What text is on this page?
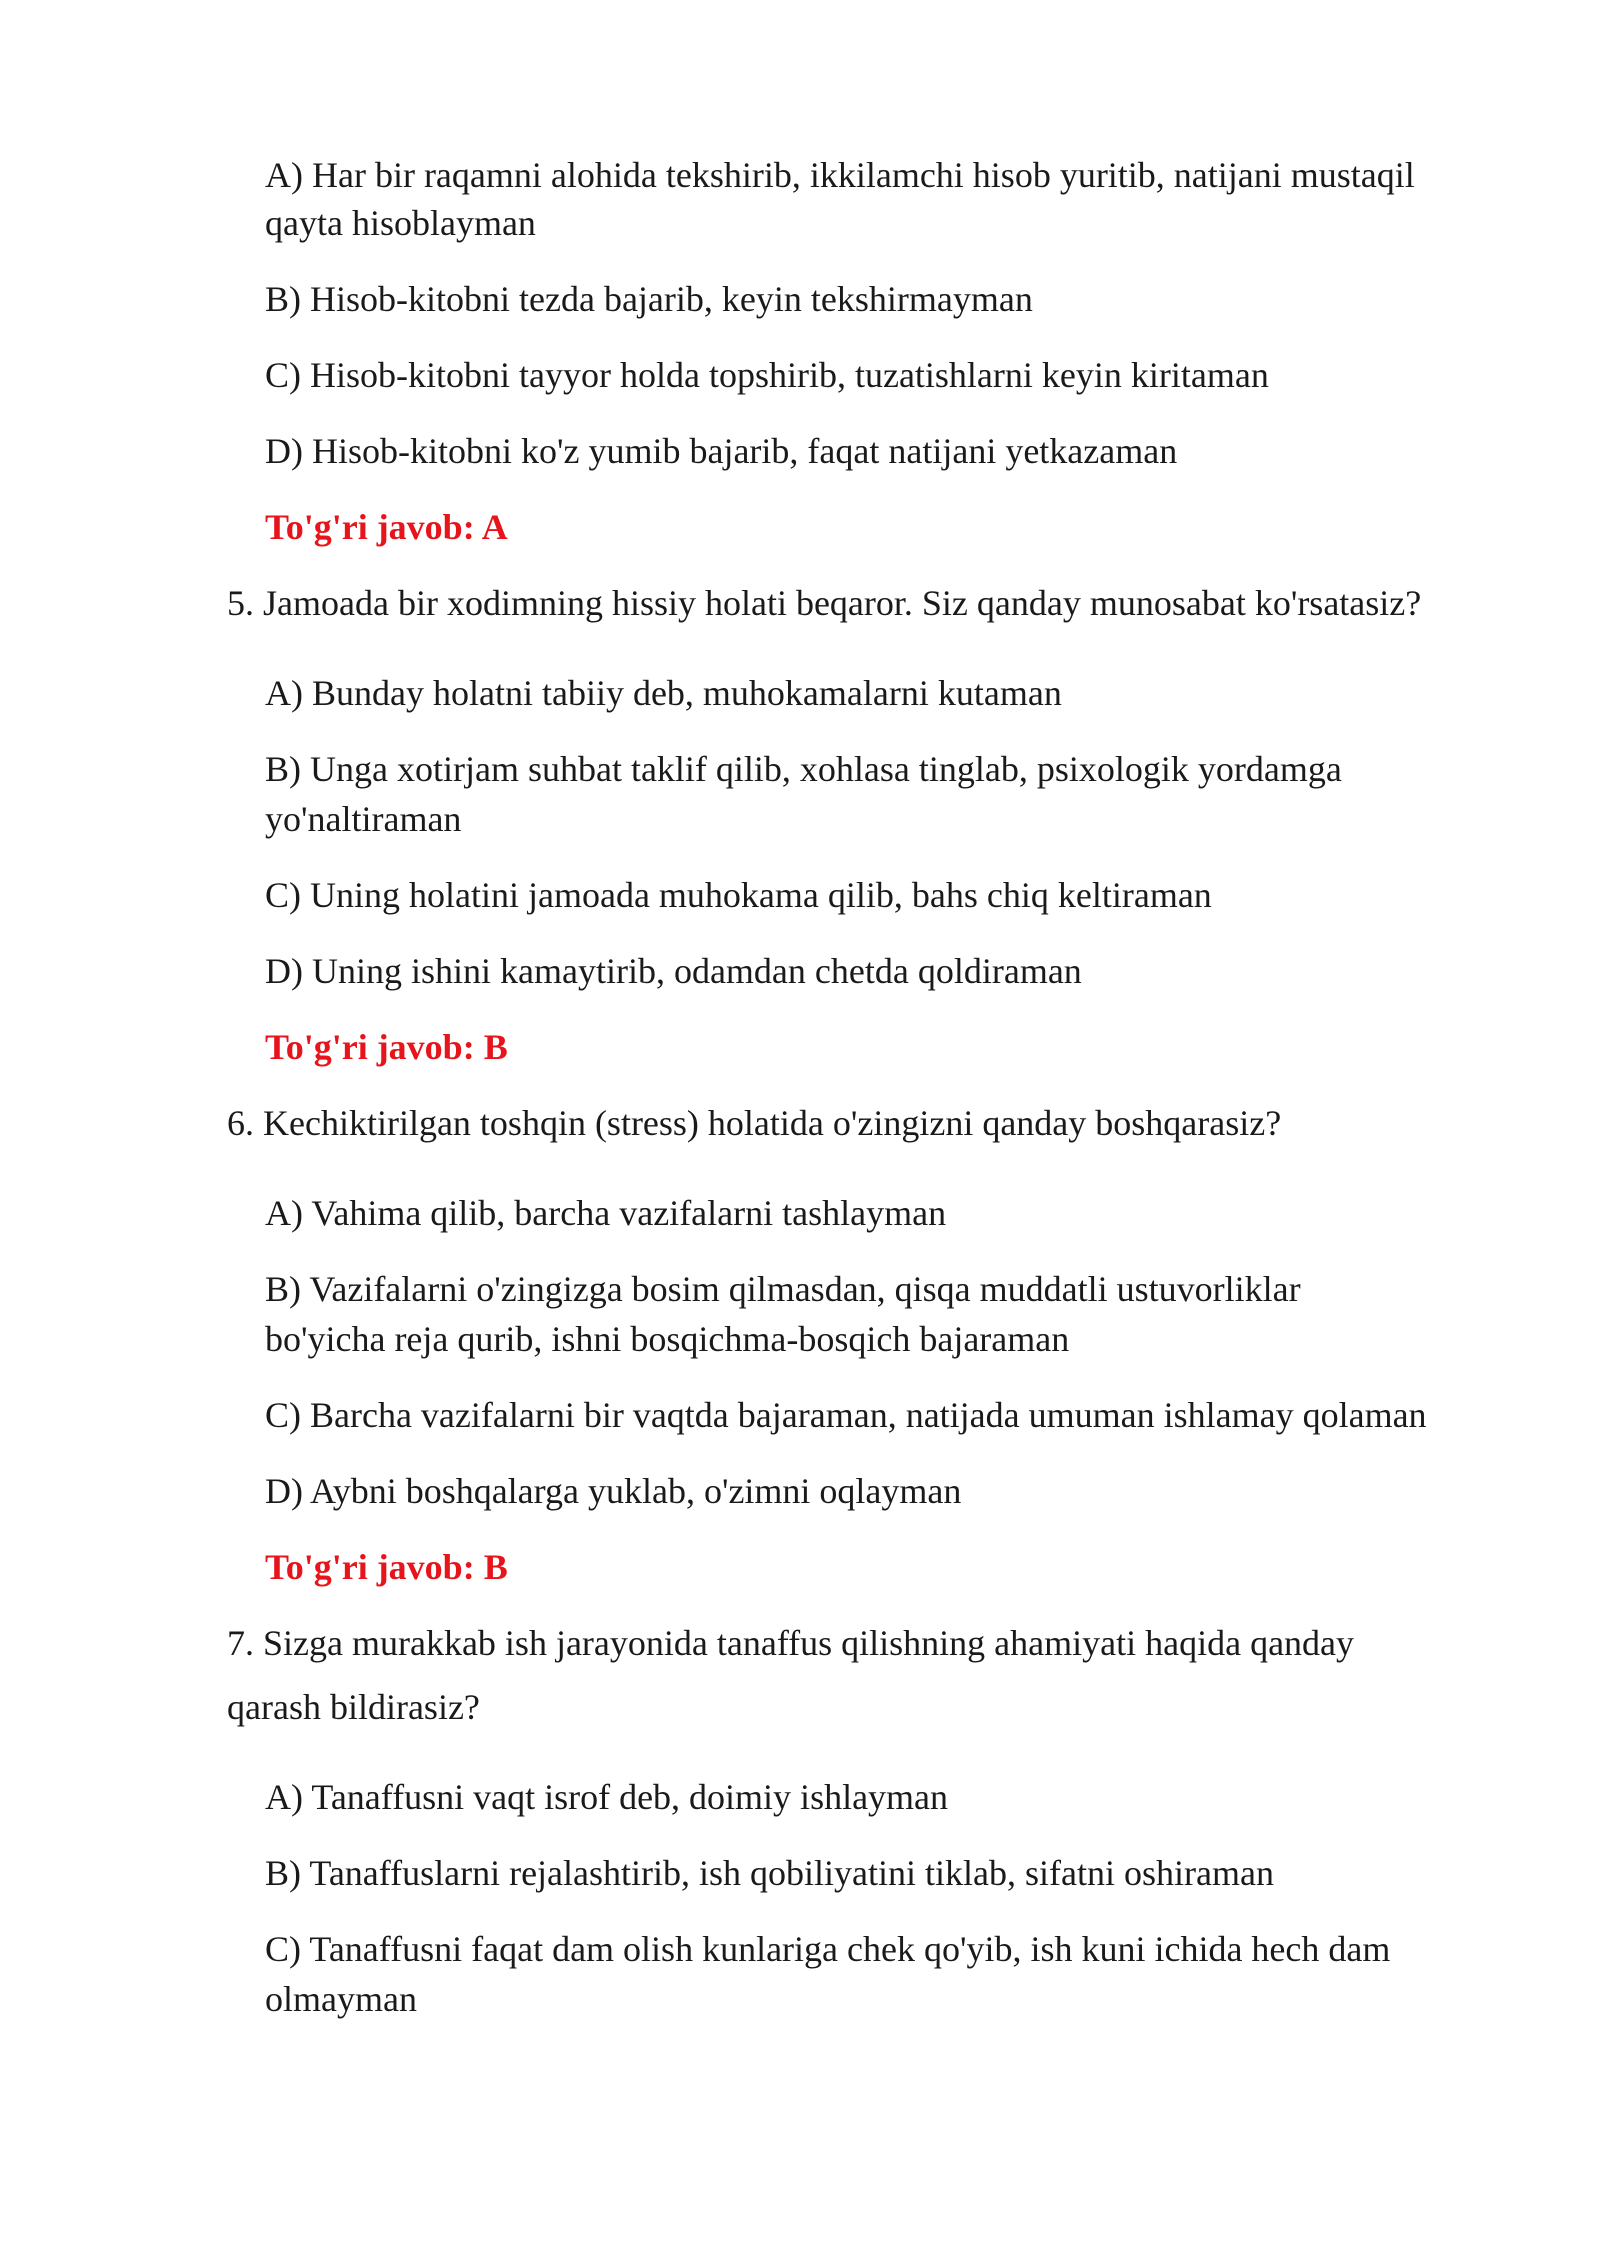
A) Har bir raqamni alohida tekshirib, ikkilamchi hisob yuritib, natijani mustaqil
qayta hisoblayman
B) Hisob-kitobni tezda bajarib, keyin tekshirmayman
C) Hisob-kitobni tayyor holda topshirib, tuzatishlarni keyin kiritaman
D) Hisob-kitobni ko'z yumib bajarib, faqat natijani yetkazaman
To'g'ri javob: A
5. Jamoada bir xodimning hissiy holati beqaror. Siz qanday munosabat ko'rsatasiz?
A) Bunday holatni tabiiy deb, muhokamalarni kutaman
B) Unga xotirjam suhbat taklif qilib, xohlasa tinglab, psixologik yordamga
yo'naltiraman
C) Uning holatini jamoada muhokama qilib, bahs chiq keltiraman
D) Uning ishini kamaytirib, odamdan chetda qoldiraman
To'g'ri javob: B
6. Kechiktirilgan toshqin (stress) holatida o'zingizni qanday boshqarasiz?
A) Vahima qilib, barcha vazifalarni tashlayman
B) Vazifalarni o'zingizga bosim qilmasdan, qisqa muddatli ustuvorliklar
bo'yicha reja qurib, ishni bosqichma-bosqich bajaraman
C) Barcha vazifalarni bir vaqtda bajaraman, natijada umuman ishlamay qolaman
D) Aybni boshqalarga yuklab, o'zimni oqlayman
To'g'ri javob: B
7. Sizga murakkab ish jarayonida tanaffus qilishning ahamiyati haqida qanday
qarash bildirasiz?
A) Tanaffusni vaqt isrof deb, doimiy ishlayman
B) Tanaffuslarni rejalashtirib, ish qobiliyatini tiklab, sifatni oshiraman
C) Tanaffusni faqat dam olish kunlariga chek qo'yib, ish kuni ichida hech dam
olmayman
